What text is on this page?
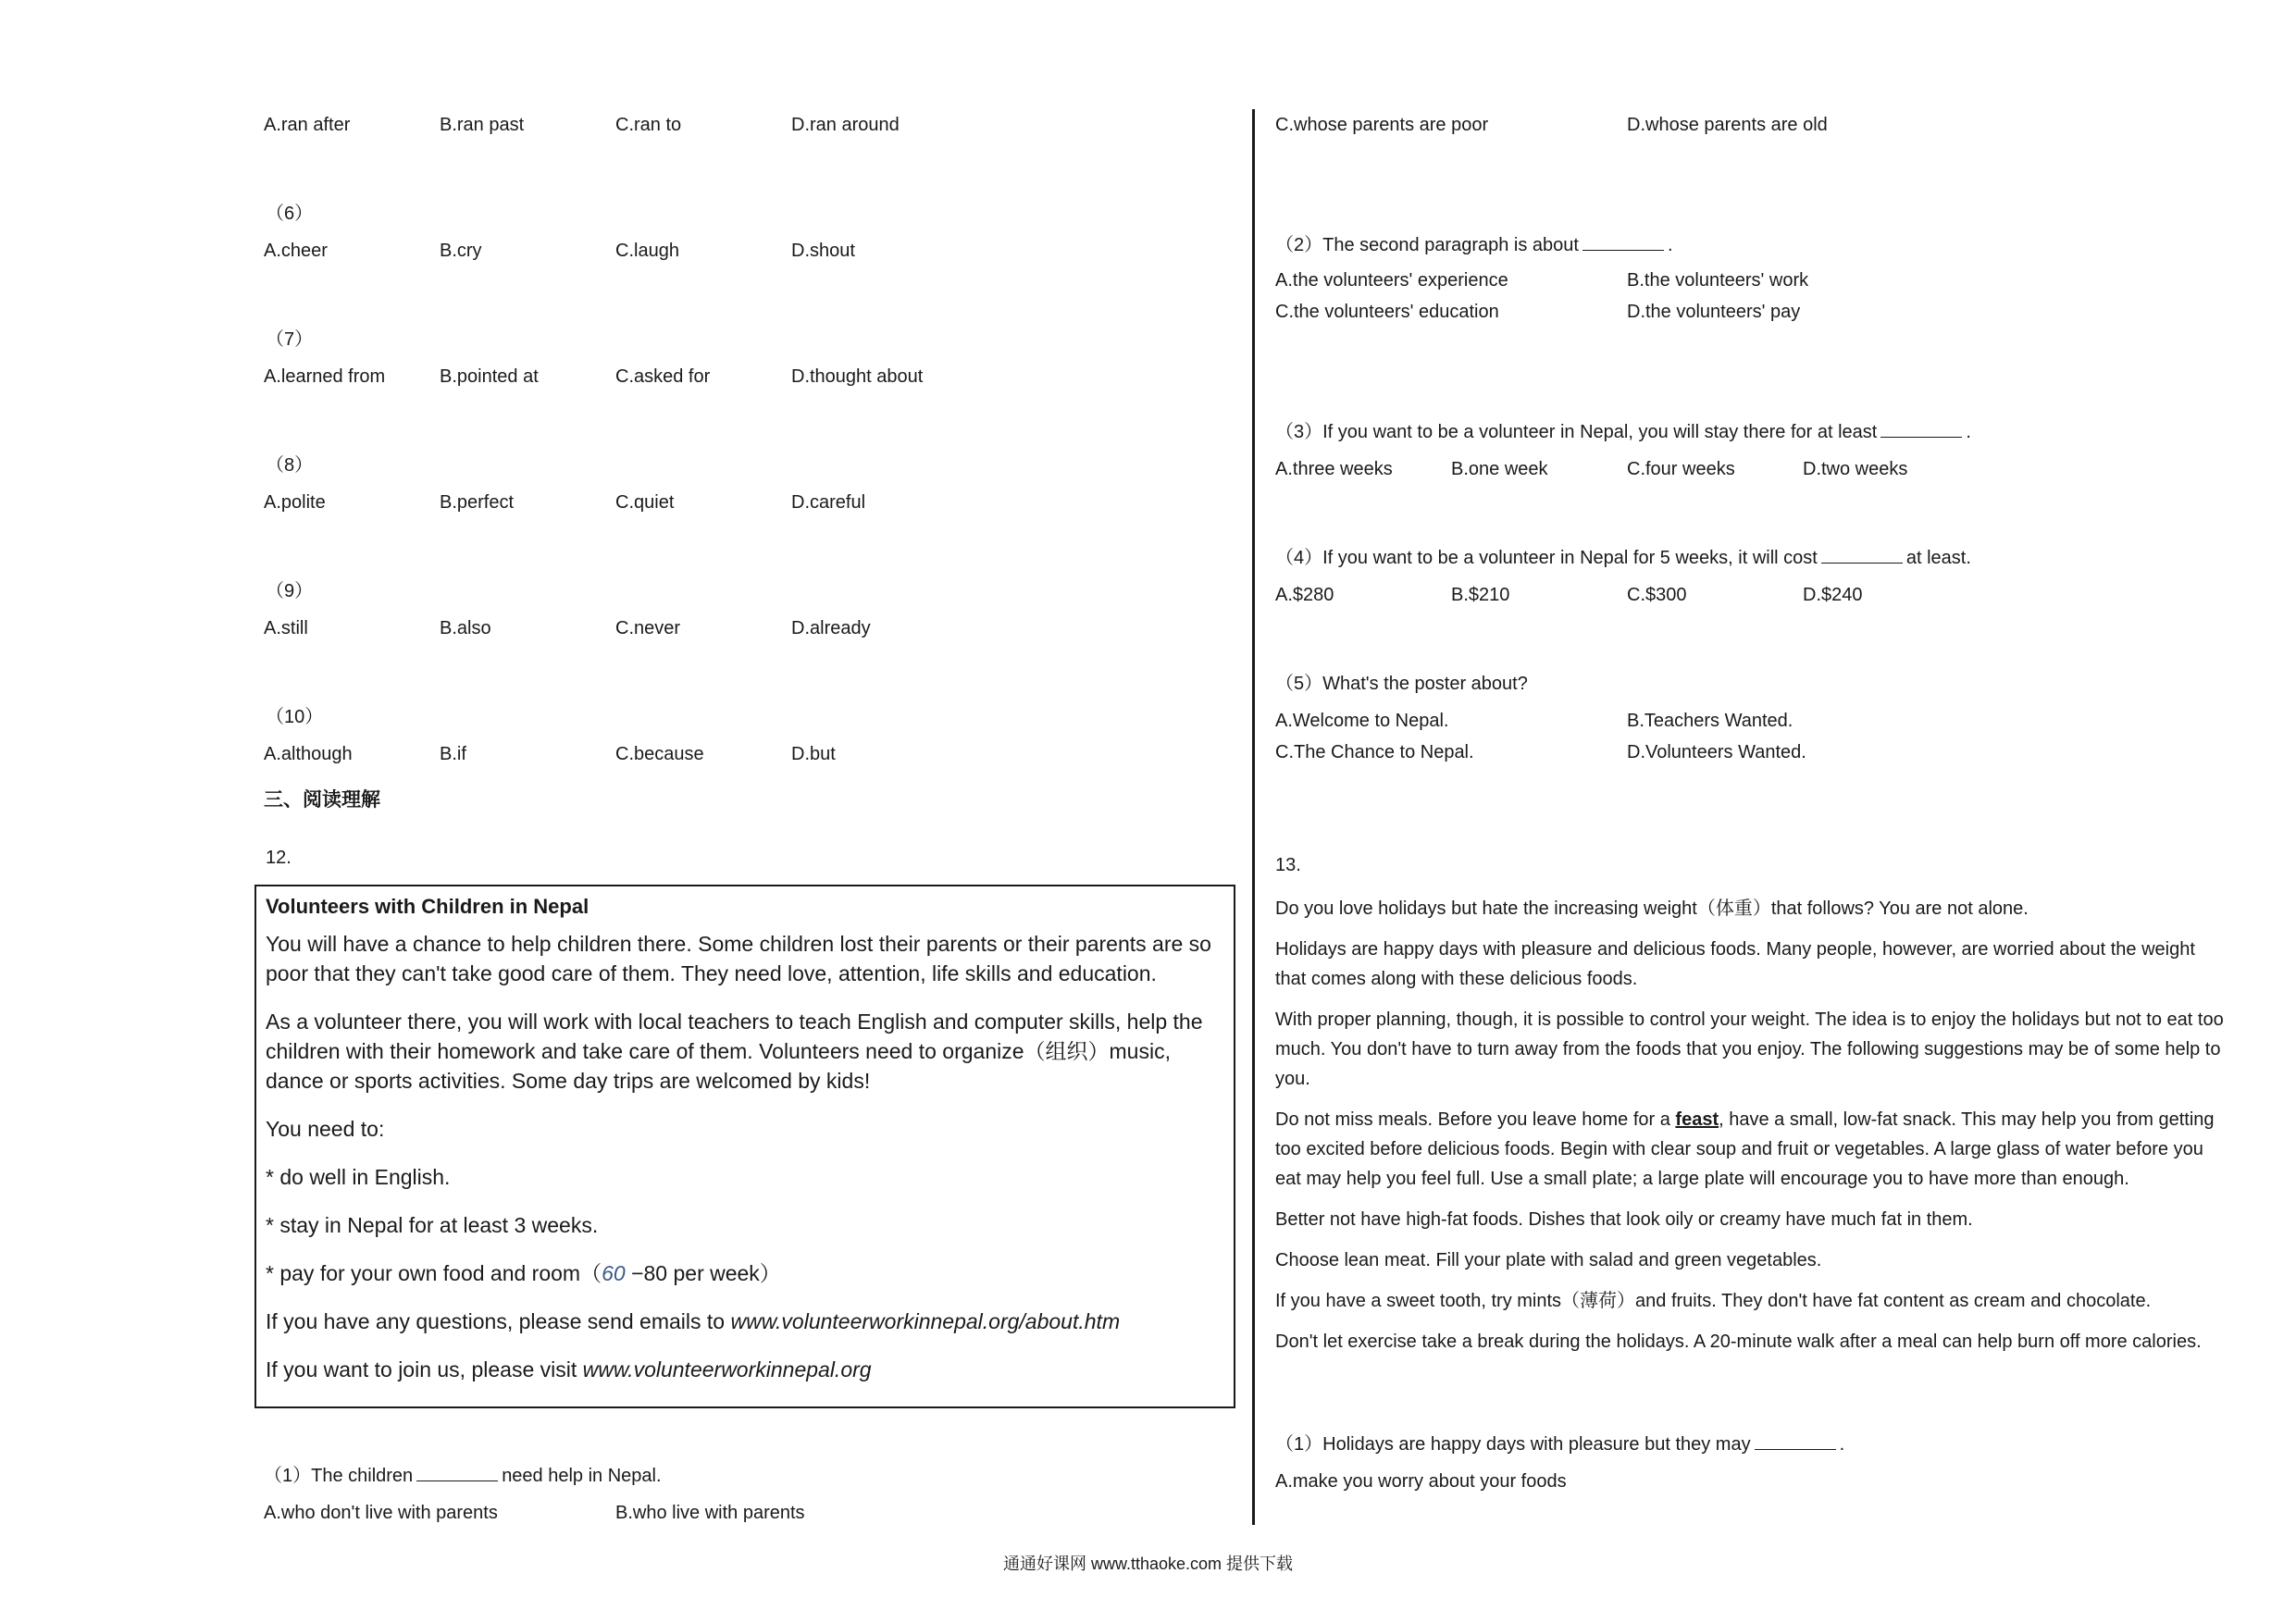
A.ran after	B.ran past	C.ran to	D.ran around
（6）
A.cheer	B.cry	C.laugh	D.shout
（7）
A.learned from	B.pointed at	C.asked for	D.thought about
（8）
A.polite	B.perfect	C.quiet	D.careful
（9）
A.still	B.also	C.never	D.already
（10）
A.although	B.if	C.because	D.but
三、阅读理解
12.

Volunteers with Children in Nepal

You will have a chance to help children there. Some children lost their parents or their parents are so poor that they can't take good care of them. They need love, attention, life skills and education.

As a volunteer there, you will work with local teachers to teach English and computer skills, help the children with their homework and take care of them. Volunteers need to organize（组织）music, dance or sports activities. Some day trips are welcomed by kids!

You need to:

* do well in English.

* stay in Nepal for at least 3 weeks.

* pay for your own food and room（60 −80 per week）

If you have any questions, please send emails to www.volunteerworkinnepal.org/about.htm

If you want to join us, please visit www.volunteerworkinnepal.org

（1）The children	need help in Nepal.
A.who don't live with parents	B.who live with parents
C.whose parents are poor	D.whose parents are old
（2）The second paragraph is about	.
A.the volunteers' experience	B.the volunteers' work
C.the volunteers' education	D.the volunteers' pay
（3）If you want to be a volunteer in Nepal, you will stay there for at least	.
A.three weeks	B.one week	C.four weeks	D.two weeks
（4）If you want to be a volunteer in Nepal for 5 weeks, it will cost	at least.
A.$280	B.$210	C.$300	D.$240
（5）What's the poster about?
A.Welcome to Nepal.	B.Teachers Wanted.
C.The Chance to Nepal.	D.Volunteers Wanted.
13.

Do you love holidays but hate the increasing weight（体重）that follows? You are not alone.

Holidays are happy days with pleasure and delicious foods. Many people, however, are worried about the weight that comes along with these delicious foods.

With proper planning, though, it is possible to control your weight. The idea is to enjoy the holidays but not to eat too much. You don't have to turn away from the foods that you enjoy. The following suggestions may be of some help to you.

Do not miss meals. Before you leave home for a feast, have a small, low-fat snack. This may help you from getting too excited before delicious foods. Begin with clear soup and fruit or vegetables. A large glass of water before you eat may help you feel full. Use a small plate; a large plate will encourage you to have more than enough.

Better not have high-fat foods. Dishes that look oily or creamy have much fat in them.

Choose lean meat. Fill your plate with salad and green vegetables.

If you have a sweet tooth, try mints（薄荷）and fruits. They don't have fat content as cream and chocolate.

Don't let exercise take a break during the holidays. A 20-minute walk after a meal can help burn off more calories.

（1）Holidays are happy days with pleasure but they may	.
A.make you worry about your foods
通通好课网 www.tthaoke.com 提供下载
